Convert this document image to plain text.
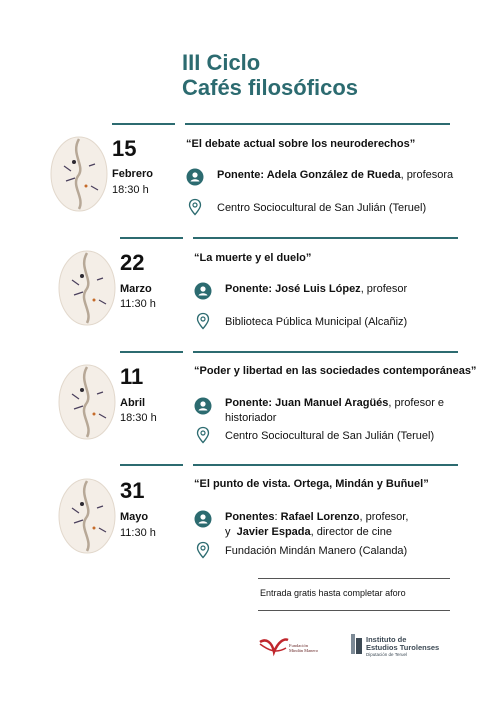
III Ciclo
Cafés filosóficos
15
Febrero
18:30 h
“El debate actual sobre los neuroderechos”
Ponente: Adela González de Rueda, profesora
Centro Sociocultural de San Julián (Teruel)
22
Marzo
11:30 h
“La muerte y el duelo”
Ponente: José Luis López, profesor
Biblioteca Pública Municipal (Alcañiz)
11
Abril
18:30 h
“Poder y libertad en las sociedades contemporáneas”
Ponente: Juan Manuel Aragüés, profesor e
historiador
Centro Sociocultural de San Julián (Teruel)
31
Mayo
11:30 h
“El punto de vista. Ortega, Mindán y Buñuel”
Ponentes: Rafael Lorenzo, profesor,
y  Javier Espada, director de cine
Fundación Mindán Manero (Calanda)
Entrada gratis hasta completar aforo
Fundación
Mindán Manero
Instituto de
Estudios Turolenses
Diputación de Teruel
